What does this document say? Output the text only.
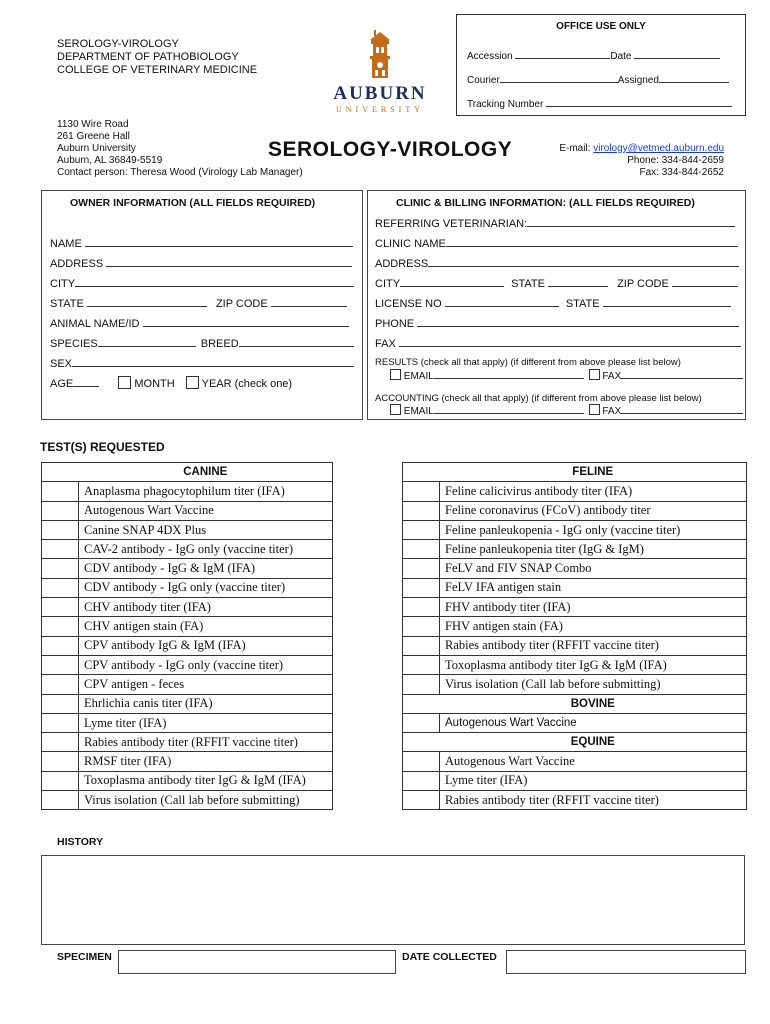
OFFICE USE ONLY
Accession	Date
Courier	Assigned
Tracking Number
SEROLOGY-VIROLOGY
DEPARTMENT OF PATHOBIOLOGY
COLLEGE OF VETERINARY MEDICINE
AUBURN
UNIVERSITY
1130 Wire Road
261 Greene Hall
Auburn University
Auburn, AL 36849-5519
Contact person: Theresa Wood (Virology Lab Manager)
SEROLOGY-VIROLOGY	E-mail: virology@vetmed.auburn.edu
Phone: 334-844-2659
Fax: 334-844-2652
OWNER INFORMATION (ALL FIELDS REQUIRED)
NAME
ADDRESS
CITY
STATE	ZIP CODE
ANIMAL NAME/ID
SPECIES	BREED
SEX
AGE	MONTH YEAR (check one)
CLINIC & BILLING INFORMATION: (ALL FIELDS REQUIRED)
REFERRING VETERINARIAN:
CLINIC NAME
ADDRESS
CITY	STATE	ZIP CODE
LICENSE NO	STATE
PHONE
FAX
RESULTS (check all that apply) (if different from above please list below)
EMAIL	FAX
ACCOUNTING (check all that apply) (if different from above please list below)
EMAIL	FAX
TEST(S) REQUESTED
	CANINE
	Anaplasma phagocytophilum titer (IFA)
	Autogenous Wart Vaccine
	Canine SNAP 4DX Plus
	CAV-2 antibody - IgG only (vaccine titer)
	CDV antibody - IgG & IgM (IFA)
	CDV antibody - IgG only (vaccine titer)
	CHV antibody titer (IFA)
	CHV antigen stain (FA)
	CPV antibody IgG & IgM (IFA)
	CPV antibody - IgG only (vaccine titer)
	CPV antigen - feces
	Ehrlichia canis titer (IFA)
	Lyme titer (IFA)
	Rabies antibody titer (RFFIT vaccine titer)
	RMSF titer (IFA)
	Toxoplasma antibody titer IgG & IgM (IFA)
	Virus isolation (Call lab before submitting)
	FELINE
	Feline calicivirus antibody titer (IFA)
	Feline coronavirus (FCoV) antibody titer
	Feline panleukopenia - IgG only (vaccine titer)
	Feline panleukopenia titer (IgG & IgM)
	FeLV and FIV SNAP Combo
	FeLV IFA antigen stain
	FHV antibody titer (IFA)
	FHV antigen stain (FA)
	Rabies antibody titer (RFFIT vaccine titer)
	Toxoplasma antibody titer IgG & IgM (IFA)
	Virus isolation (Call lab before submitting)
	BOVINE
	Autogenous Wart Vaccine
	EQUINE
	Autogenous Wart Vaccine
	Lyme titer (IFA)
	Rabies antibody titer (RFFIT vaccine titer)
HISTORY
SPECIMEN	DATE COLLECTED
